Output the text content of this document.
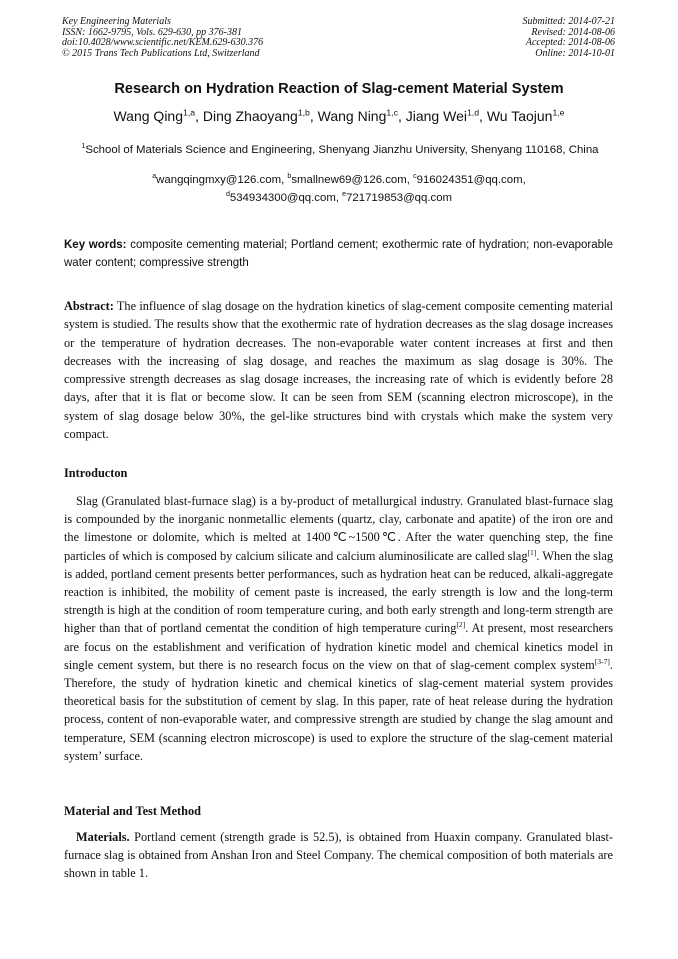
Key Engineering Materials
ISSN: 1662-9795, Vols. 629-630, pp 376-381
doi:10.4028/www.scientific.net/KEM.629-630.376
© 2015 Trans Tech Publications Ltd, Switzerland
Submitted: 2014-07-21
Revised: 2014-08-06
Accepted: 2014-08-06
Online: 2014-10-01
Research on Hydration Reaction of Slag-cement Material System
Wang Qing$^{1,a}$, Ding Zhaoyang$^{1,b}$, Wang Ning$^{1,c}$, Jiang Wei$^{1,d}$, Wu Taojun$^{1,e}$
$^1$School of Materials Science and Engineering, Shenyang Jianzhu University, Shenyang 110168, China
$^a$wangqingmxy@126.com, $^b$smallnew69@126.com, $^c$916024351@qq.com,
$^d$534934300@qq.com, $^e$721719853@qq.com
Key words: composite cementing material; Portland cement; exothermic rate of hydration; non-evaporable water content; compressive strength
Abstract: The influence of slag dosage on the hydration kinetics of slag-cement composite cementing material system is studied. The results show that the exothermic rate of hydration decreases as the slag dosage increases or the temperature of hydration decreases. The non-evaporable water content increases at first and then decreases with the increasing of slag dosage, and reaches the maximum as slag dosage is 30%. The compressive strength decreases as slag dosage increases, the increasing rate of which is evidently before 28 days, after that it is flat or become slow. It can be seen from SEM (scanning electron microscope), in the system of slag dosage below 30%, the gel-like structures bind with crystals which make the system very compact.
Introducton
Slag (Granulated blast-furnace slag) is a by-product of metallurgical industry. Granulated blast-furnace slag is compounded by the inorganic nonmetallic elements (quartz, clay, carbonate and apatite) of the iron ore and the limestone or dolomite, which is melted at 1400℃~1500℃. After the water quenching step, the fine particles of which is composed by calcium silicate and calcium aluminosilicate are called slag[1]. When the slag is added, portland cement presents better performances, such as hydration heat can be reduced, alkali-aggregate reaction is inhibited, the mobility of cement paste is increased, the early strength is low and the long-term strength is high at the condition of room temperature curing, and both early strength and long-term strength are higher than that of portland cementat the condition of high temperature curing[2]. At present, most researchers are focus on the establishment and verification of hydration kinetic model and chemical kinetics model in single cement system, but there is no research focus on the view on that of slag-cement complex system[3-7]. Therefore, the study of hydration kinetic and chemical kinetics of slag-cement material system provides theoretical basis for the substitution of cement by slag. In this paper, rate of heat release during the hydration process, content of non-evaporable water, and compressive strength are studied by change the slag amount and temperature, SEM (scanning electron microscope) is used to explore the structure of the slag-cement material system’ surface.
Material and Test Method
Materials. Portland cement (strength grade is 52.5), is obtained from Huaxin company. Granulated blast-furnace slag is obtained from Anshan Iron and Steel Company. The chemical composition of both materials are shown in table 1.
